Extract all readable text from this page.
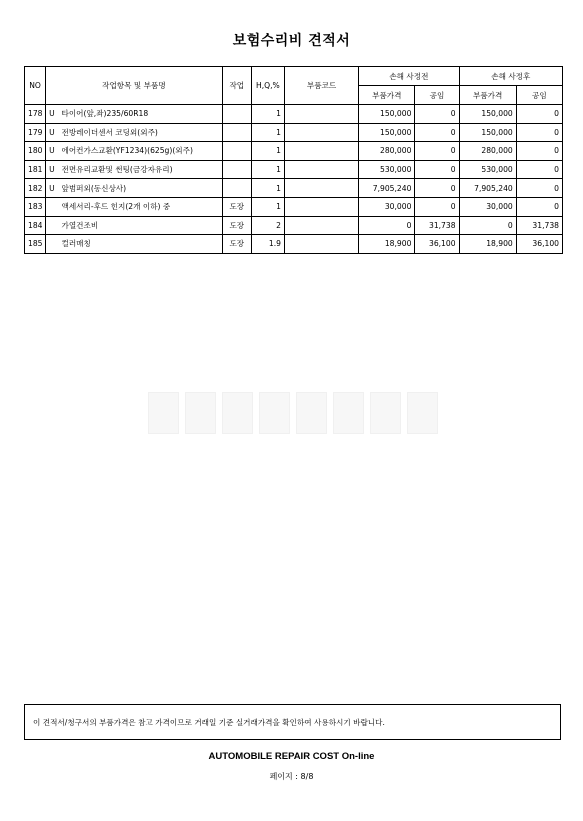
보험수리비 견적서
NO	작업항목 및 부품명	작업	H,Q,%	부품코드	손해 사정전		손해 사정후	
					부품가격	공임	부품가격	공임
178	U 타이어(앞,좌)235/60R18		1		150,000	0	150,000	0
179	U 전방레이더센서 코딩외(외주)		1		150,000	0	150,000	0
180	U 에어컨가스교환(YF1234)(625g)(외주)		1		280,000	0	280,000	0
181	U 전면유리교환및 썬팅(금강자유리)		1		530,000	0	530,000	0
182	U 앞범퍼외(동신상사)		1		7,905,240	0	7,905,240	0
183	액세서리-후드 힌지(2개 이하) 중	도장	1		30,000	0	30,000	0
184	가열건조비	도장	2		0	31,738	0	31,738
185	컬러매칭	도장	1.9		18,900	36,100	18,900	36,100
이 견적서/청구서의 부품가격은 참고 가격이므로 거래일 기준 실거래가격을 확인하여 사용하시기 바랍니다.
AUTOMOBILE REPAIR COST On-line
페이지 : 8/8
